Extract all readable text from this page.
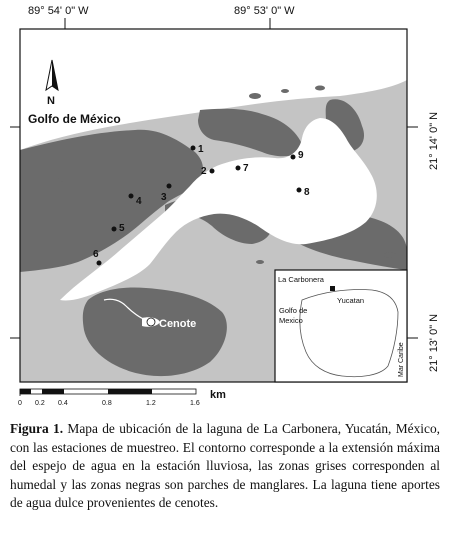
89° 54' 0" W	89° 53' 0" W
21° 14' 0" N
21° 13' 0" N
N
Golfo de México
1
2
3
4
5
6
7
8
9
Cenote
La Carbonera
Yucatan
Golfo de
Mexico
Mar Caribe
0 0.2 0.4	0.8	1.2	1.6
km
Figura 1. Mapa de ubicación de la laguna de La Carbonera, Yucatán, México, con las estaciones de muestreo. El contorno corresponde a la extensión máxima del espejo de agua en la estación lluviosa, las zonas grises corresponden al humedal y las zonas negras son parches de manglares. La laguna tiene aportes de agua dulce provenientes de cenotes.
